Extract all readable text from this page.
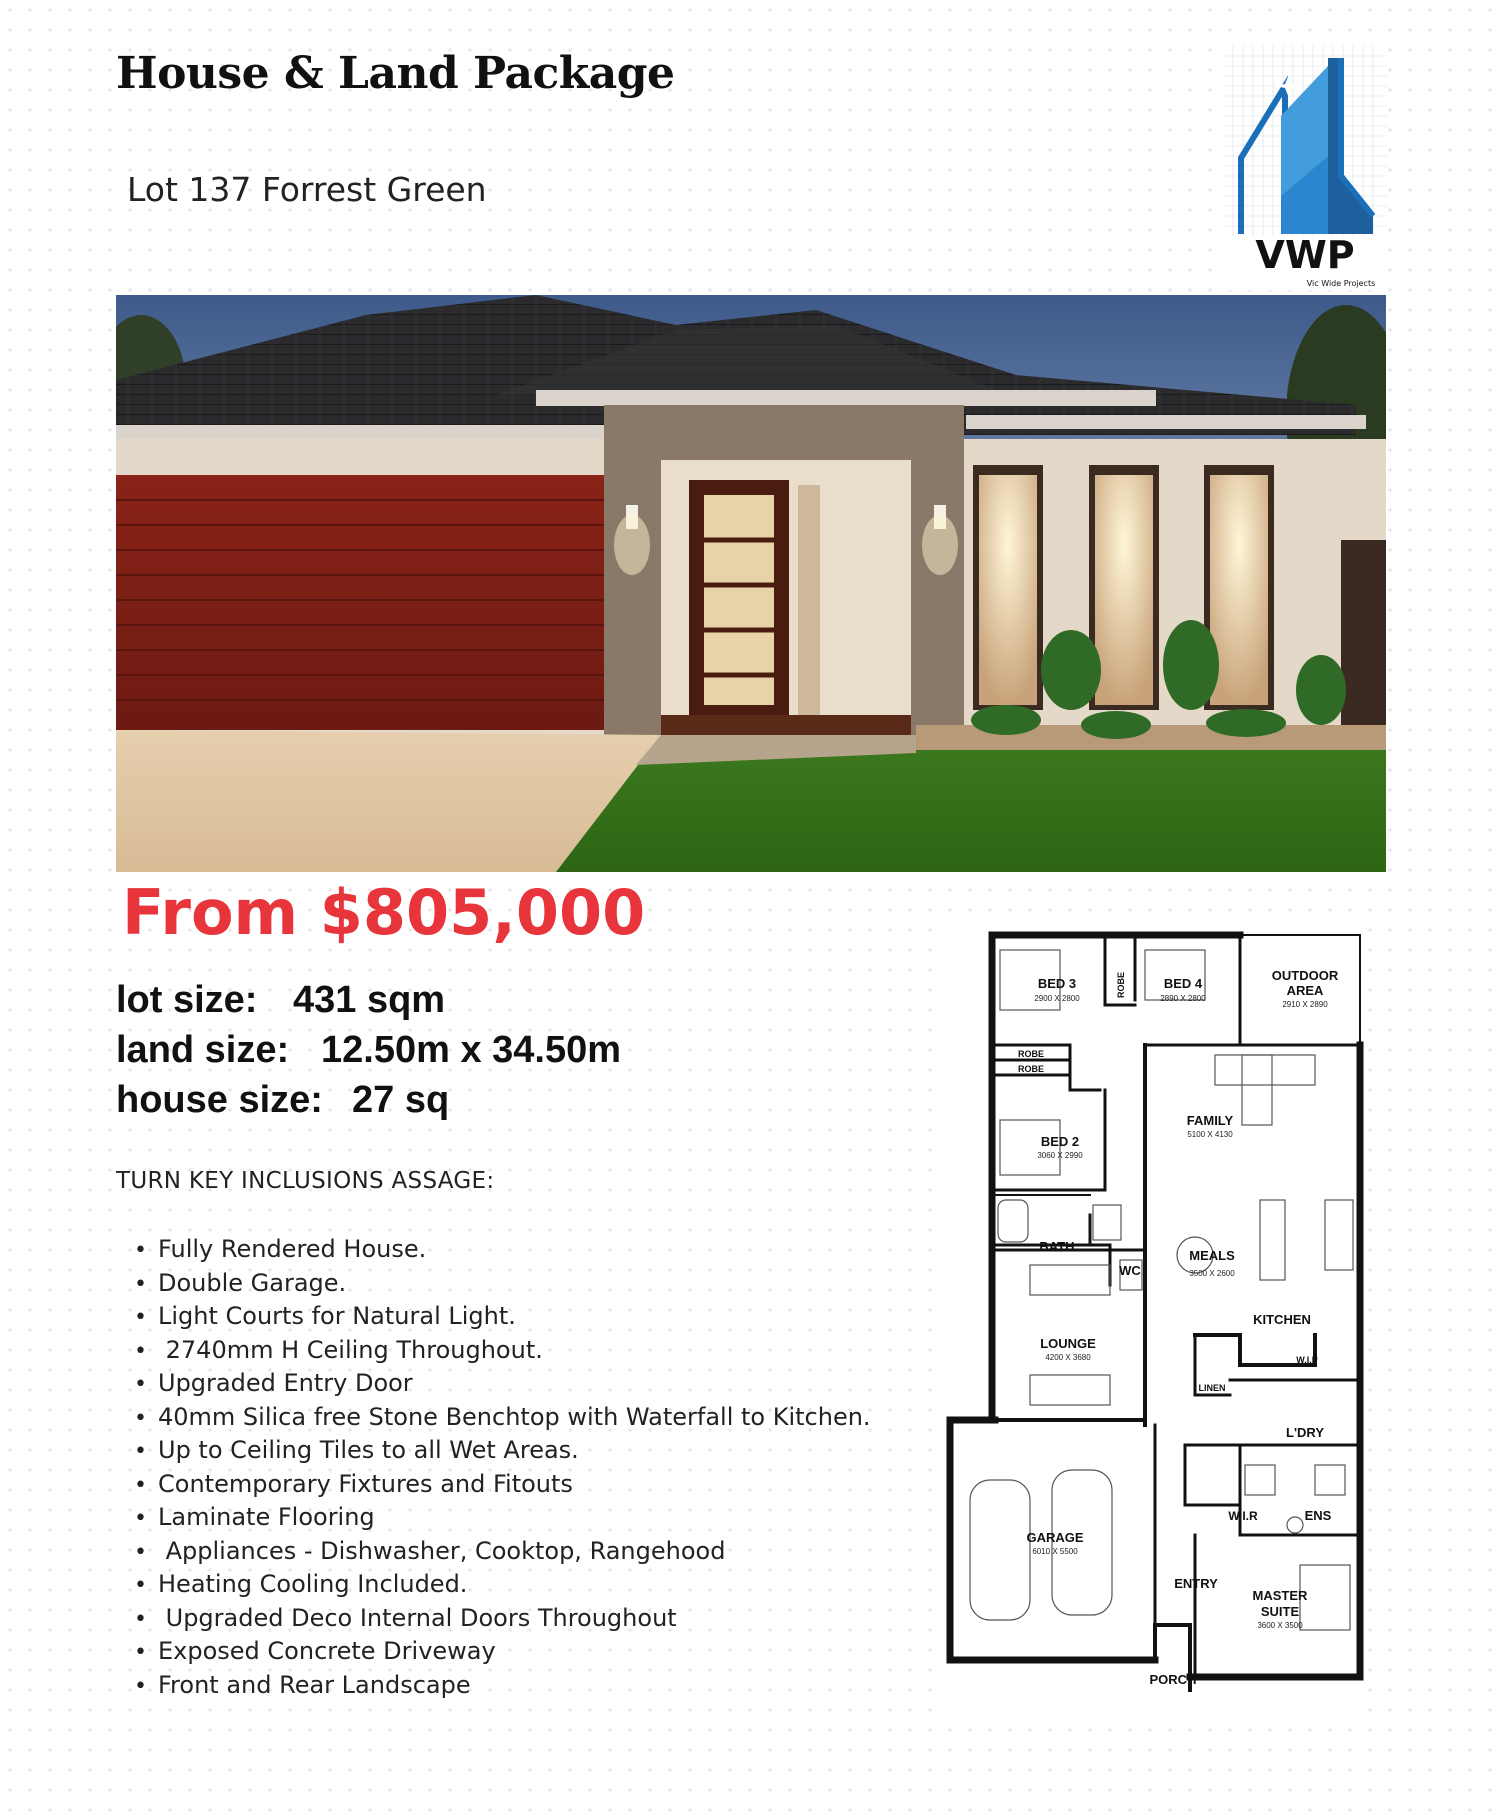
House & Land Package
Lot 137 Forrest Green
VWP
Vic Wide Projects
From $805,000
lot size: 431 sqm
land size: 12.50m x 34.50m
house size: 27 sq
TURN KEY INCLUSIONS ASSAGE:
• Fully Rendered House.
• Double Garage.
• Light Courts for Natural Light.
• 2740mm H Ceiling Throughout.
• Upgraded Entry Door
• 40mm Silica free Stone Benchtop with Waterfall to Kitchen.
• Up to Ceiling Tiles to all Wet Areas.
• Contemporary Fixtures and Fitouts
• Laminate Flooring
• Appliances - Dishwasher, Cooktop, Rangehood
• Heating Cooling Included.
• Upgraded Deco Internal Doors Throughout
• Exposed Concrete Driveway
• Front and Rear Landscape
BED 3
2900 X 2800
BED 4
2890 X 2800
OUTDOOR
AREA
2910 X 2890
ROBE
ROBE
ROBE
FAMILY
5100 X 4130
BED 2
3060 X 2990
BATH
WC
MEALS
3500 X 2600
KITCHEN
LOUNGE
4200 X 3680	W.I.P
LINEN
L'DRY
GARAGE
6010 X 5500
W.I.R	ENS
ENTRY
MASTER
SUITE
3600 X 3500
PORCH
